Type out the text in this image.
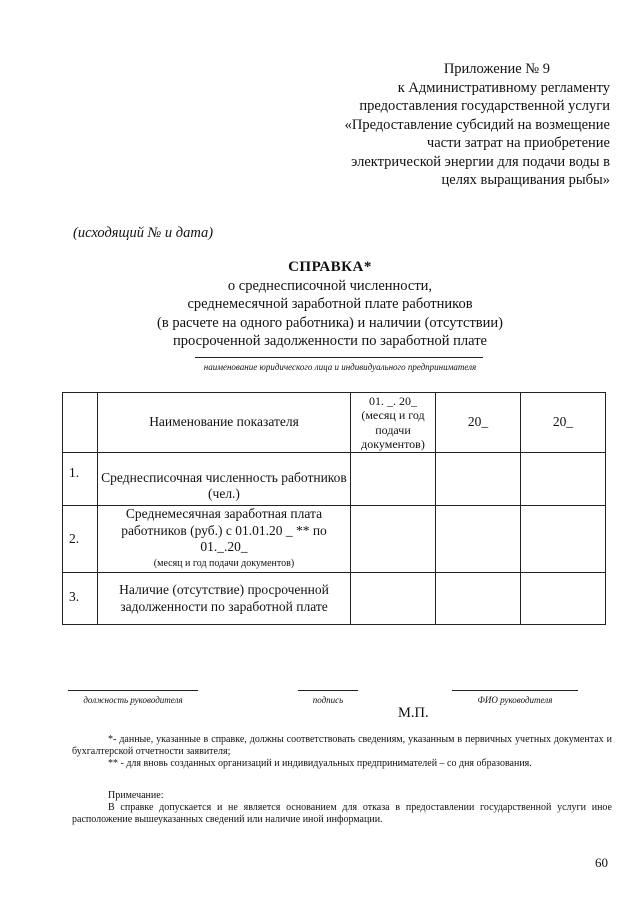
Приложение № 9
к Административному регламенту
предоставления государственной услуги
«Предоставление субсидий на возмещение
части затрат на приобретение
электрической энергии для подачи воды в
целях выращивания рыбы»
(исходящий № и дата)
СПРАВКА*
о среднесписочной численности,
среднемесячной заработной плате работников
(в расчете на одного работника) и наличии (отсутствии)
просроченной задолженности по заработной плате
наименование юридического лица и индивидуального предпринимателя
	Наименование показателя	01. _. 20_ (месяц и год подачи документов)	20_	20_
1.	Среднесписочная численность работников (чел.)			
2.	Среднемесячная заработная плата работников (руб.) с 01.01.20 _ ** по 01._.20_
(месяц и год подачи документов)			

3.	Наличие (отсутствие) просроченной задолженности по заработной плате			
должность руководителя	подпись	ФИО руководителя
М.П.

*- данные, указанные в справке, должны соответствовать сведениям, указанным в первичных учетных документах и бухгалтерской отчетности заявителя;

** - для вновь созданных организаций и индивидуальных предпринимателей – со дня образования.

Примечание:
В справке допускается и не является основанием для отказа в предоставлении государственной услуги иное расположение вышеуказанных сведений или наличие иной информации.
60
